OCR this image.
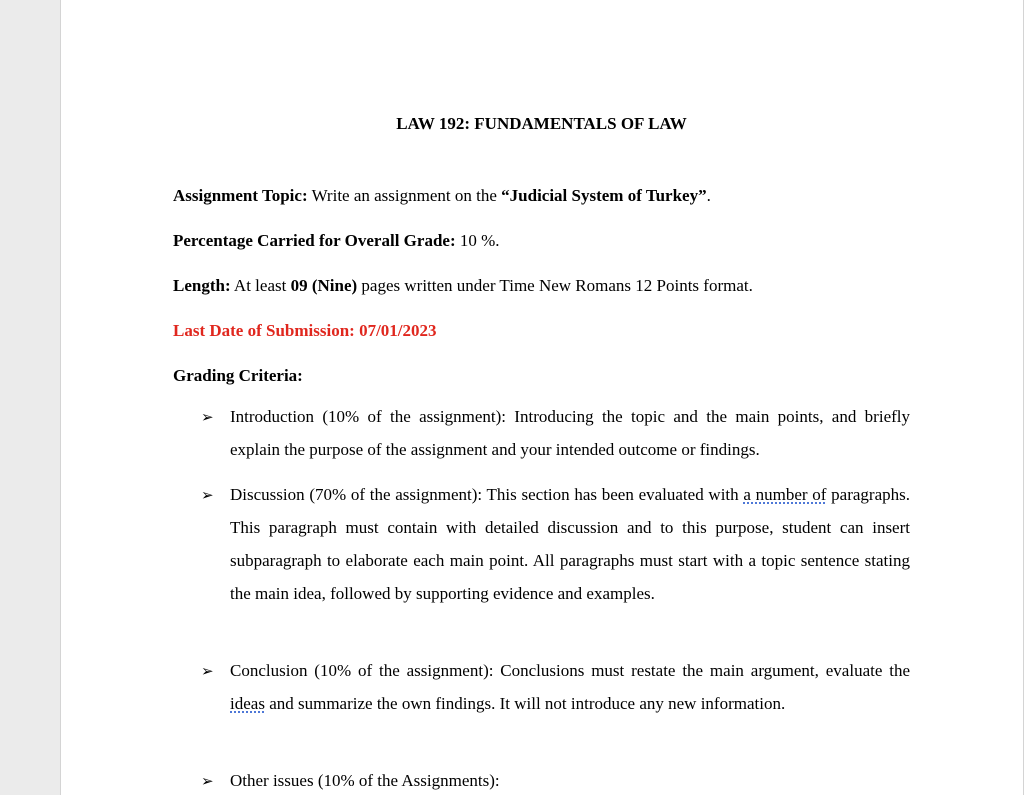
LAW 192: FUNDAMENTALS OF LAW

Assignment Topic: Write an assignment on the “Judicial System of Turkey”.

Percentage Carried for Overall Grade: 10 %.

Length: At least 09 (Nine) pages written under Time New Romans 12 Points format.

Last Date of Submission: 07/01/2023

Grading Criteria:

➢ Introduction (10% of the assignment): Introducing the topic and the main points, and briefly explain the purpose of the assignment and your intended outcome or findings.

➢ Discussion (70% of the assignment): This section has been evaluated with a number of paragraphs. This paragraph must contain with detailed discussion and to this purpose, student can insert subparagraph to elaborate each main point. All paragraphs must start with a topic sentence stating the main idea, followed by supporting evidence and examples.

➢ Conclusion (10% of the assignment): Conclusions must restate the main argument, evaluate the ideas and summarize the own findings. It will not introduce any new information.

➢ Other issues (10% of the Assignments):
